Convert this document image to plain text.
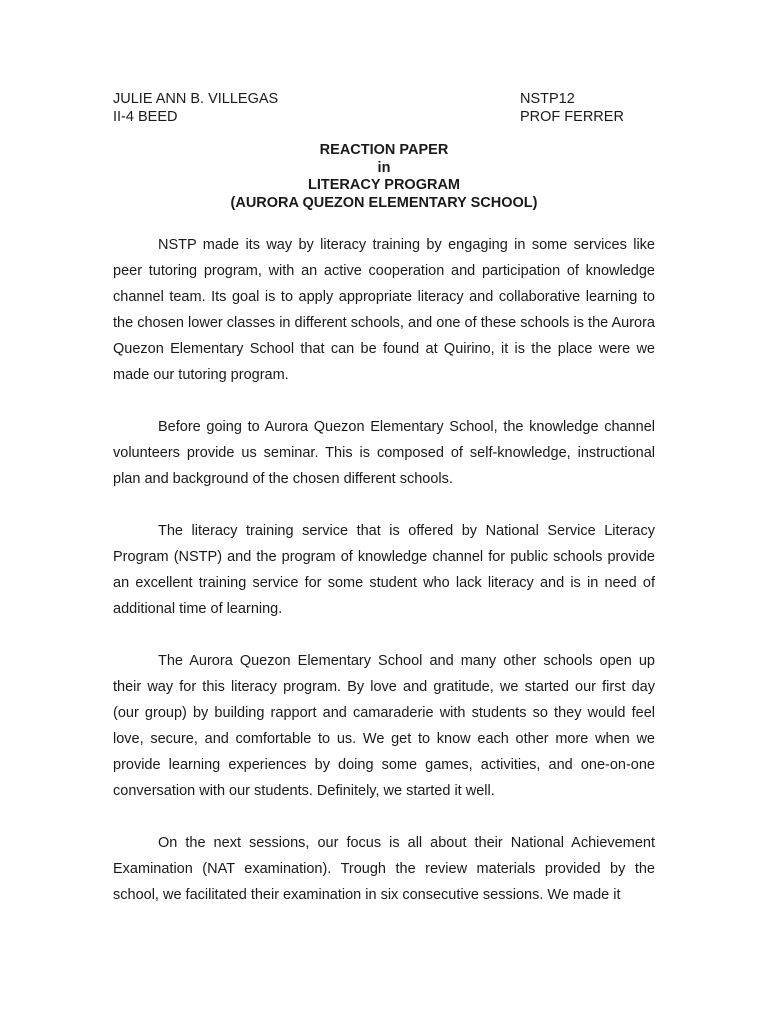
JULIE ANN B. VILLEGAS
II-4 BEED
NSTP12
PROF FERRER
REACTION PAPER
in
LITERACY PROGRAM
(AURORA QUEZON ELEMENTARY SCHOOL)

NSTP made its way by literacy training by engaging in some services like peer tutoring program, with an active cooperation and participation of knowledge channel team. Its goal is to apply appropriate literacy and collaborative learning to the chosen lower classes in different schools, and one of these schools is the Aurora Quezon Elementary School that can be found at Quirino, it is the place were we made our tutoring program.

Before going to Aurora Quezon Elementary School, the knowledge channel volunteers provide us seminar. This is composed of self-knowledge, instructional plan and background of the chosen different schools.

The literacy training service that is offered by National Service Literacy Program (NSTP) and the program of knowledge channel for public schools provide an excellent training service for some student who lack literacy and is in need of additional time of learning.

The Aurora Quezon Elementary School and many other schools open up their way for this literacy program. By love and gratitude, we started our first day (our group) by building rapport and camaraderie with students so they would feel love, secure, and comfortable to us. We get to know each other more when we provide learning experiences by doing some games, activities, and one-on-one conversation with our students. Definitely, we started it well.

On the next sessions, our focus is all about their National Achievement Examination (NAT examination). Trough the review materials provided by the school, we facilitated their examination in six consecutive sessions. We made it
